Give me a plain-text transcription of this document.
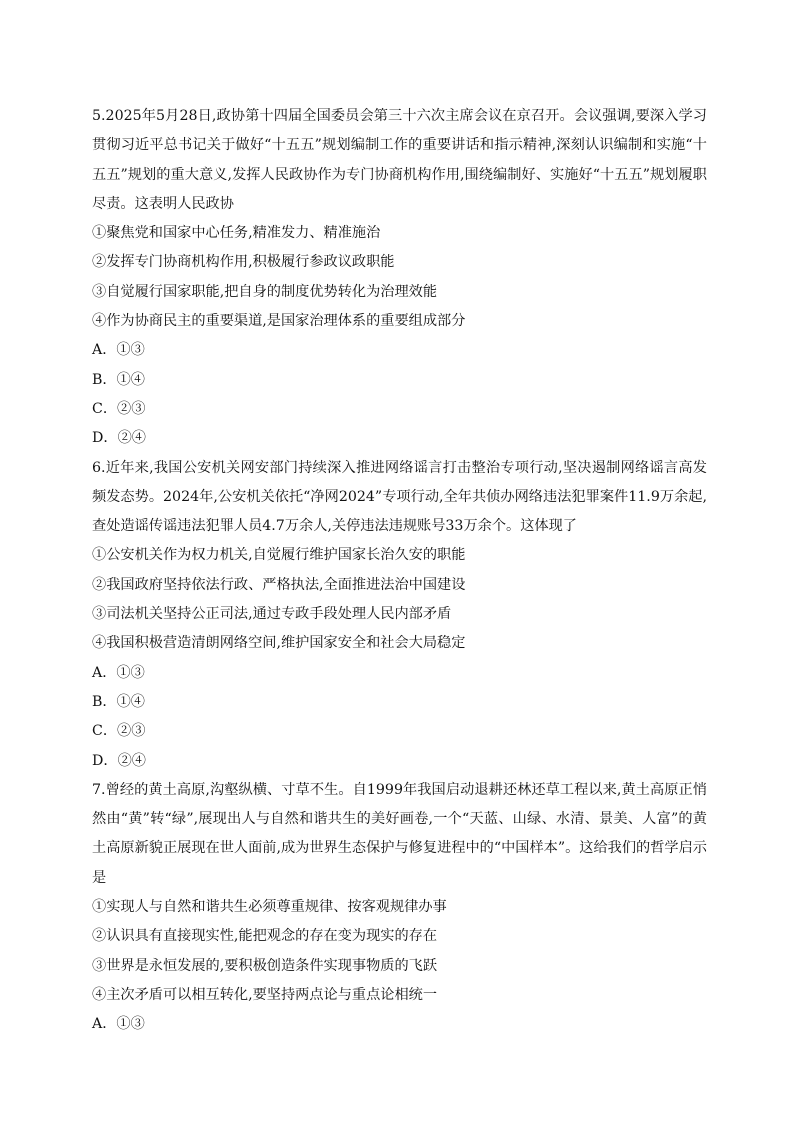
5.2025年5月28日,政协第十四届全国委员会第三十六次主席会议在京召开。会议强调,要深入学习贯彻习近平总书记关于做好“十五五”规划编制工作的重要讲话和指示精神,深刻认识编制和实施“十五五”规划的重大意义,发挥人民政协作为专门协商机构作用,围绕编制好、实施好“十五五”规划履职尽责。这表明人民政协
①聚焦党和国家中心任务,精准发力、精准施治
②发挥专门协商机构作用,积极履行参政议政职能
③自觉履行国家职能,把自身的制度优势转化为治理效能
④作为协商民主的重要渠道,是国家治理体系的重要组成部分
A．①③
B．①④
C．②③
D．②④
6.近年来,我国公安机关网安部门持续深入推进网络谣言打击整治专项行动,坚决遏制网络谣言高发频发态势。2024年,公安机关依托“净网2024”专项行动,全年共侦办网络违法犯罪案件11.9万余起,查处造谣传谣违法犯罪人员4.7万余人,关停违法违规账号33万余个。这体现了
①公安机关作为权力机关,自觉履行维护国家长治久安的职能
②我国政府坚持依法行政、严格执法,全面推进法治中国建设
③司法机关坚持公正司法,通过专政手段处理人民内部矛盾
④我国积极营造清朗网络空间,维护国家安全和社会大局稳定
A．①③
B．①④
C．②③
D．②④
7.曾经的黄土高原,沟壑纵横、寸草不生。自1999年我国启动退耕还林还草工程以来,黄土高原正悄然由“黄”转“绿”,展现出人与自然和谐共生的美好画卷,一个“天蓝、山绿、水清、景美、人富”的黄土高原新貌正展现在世人面前,成为世界生态保护与修复进程中的“中国样本”。这给我们的哲学启示是
①实现人与自然和谐共生必须尊重规律、按客观规律办事
②认识具有直接现实性,能把观念的存在变为现实的存在
③世界是永恒发展的,要积极创造条件实现事物质的飞跃
④主次矛盾可以相互转化,要坚持两点论与重点论相统一
A．①③
